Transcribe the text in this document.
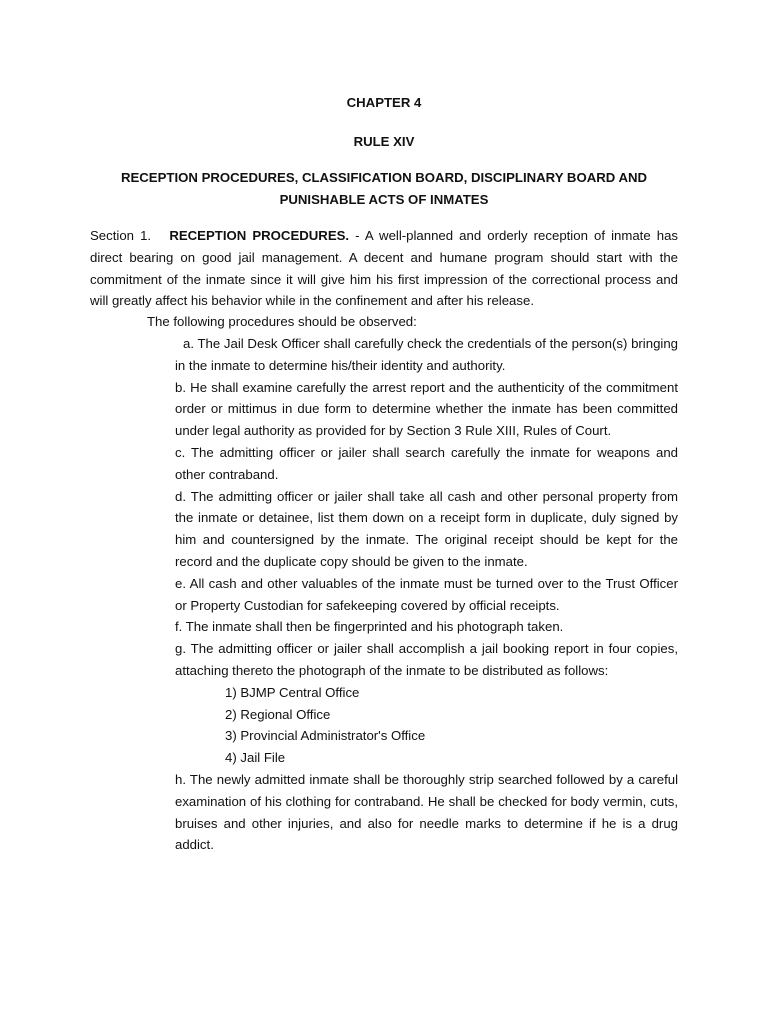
CHAPTER 4
RULE XIV
RECEPTION PROCEDURES, CLASSIFICATION BOARD, DISCIPLINARY BOARD AND
PUNISHABLE ACTS OF INMATES

Section 1. RECEPTION PROCEDURES. - A well-planned and orderly reception of inmate has direct bearing on good jail management. A decent and humane program should start with the commitment of the inmate since it will give him his first impression of the correctional process and will greatly affect his behavior while in the confinement and after his release.

The following procedures should be observed:

a. The Jail Desk Officer shall carefully check the credentials of the person(s) bringing in the inmate to determine his/their identity and authority.

b. He shall examine carefully the arrest report and the authenticity of the commitment order or mittimus in due form to determine whether the inmate has been committed under legal authority as provided for by Section 3 Rule XIII, Rules of Court.

c. The admitting officer or jailer shall search carefully the inmate for weapons and other contraband.

d. The admitting officer or jailer shall take all cash and other personal property from the inmate or detainee, list them down on a receipt form in duplicate, duly signed by him and countersigned by the inmate. The original receipt should be kept for the record and the duplicate copy should be given to the inmate.

e. All cash and other valuables of the inmate must be turned over to the Trust Officer or Property Custodian for safekeeping covered by official receipts.

f. The inmate shall then be fingerprinted and his photograph taken.

g. The admitting officer or jailer shall accomplish a jail booking report in four copies, attaching thereto the photograph of the inmate to be distributed as follows:

1) BJMP Central Office

2) Regional Office

3) Provincial Administrator's Office

4) Jail File

h. The newly admitted inmate shall be thoroughly strip searched followed by a careful examination of his clothing for contraband. He shall be checked for body vermin, cuts, bruises and other injuries, and also for needle marks to determine if he is a drug addict.
